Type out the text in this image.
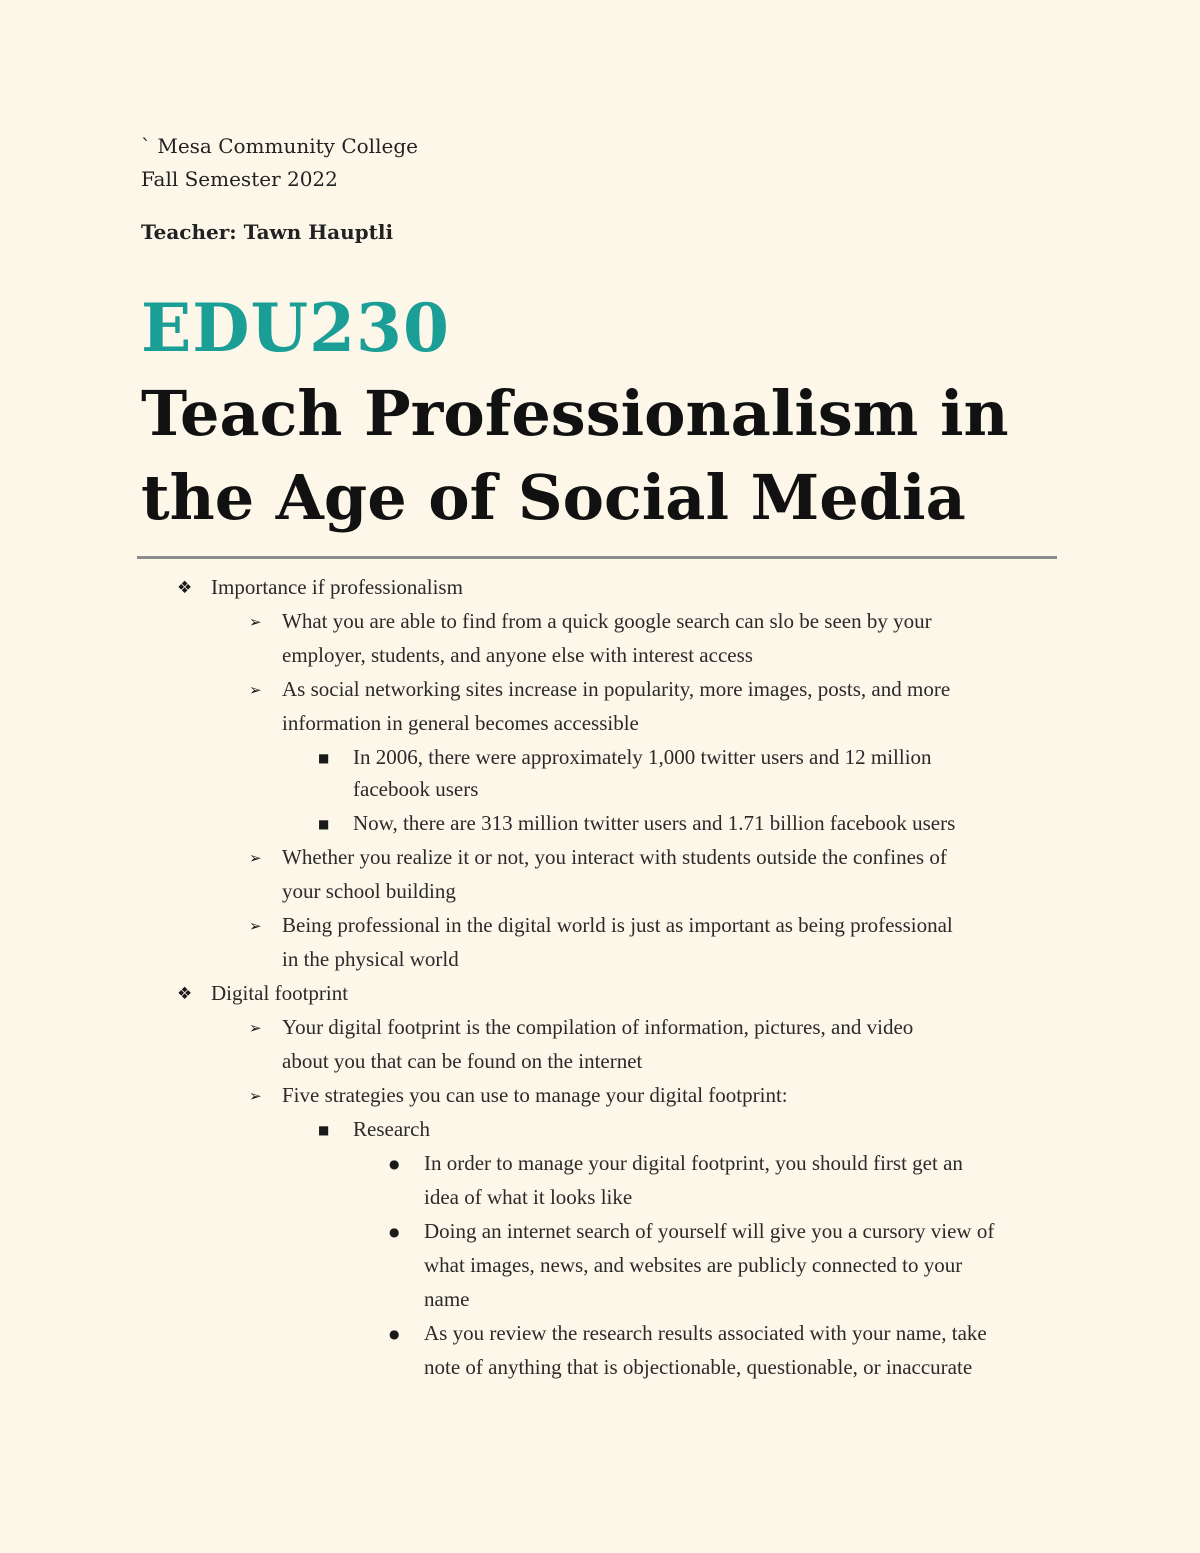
` Mesa Community College
Fall Semester 2022
Teacher: Tawn Hauptli
EDU230
Teach Professionalism in the Age of Social Media
❖ Importance if professionalism
➢ What you are able to find from a quick google search can slo be seen by your
employer, students, and anyone else with interest access
➢ As social networking sites increase in popularity, more images, posts, and more
information in general becomes accessible
■ In 2006, there were approximately 1,000 twitter users and 12 million
facebook users
■ Now, there are 313 million twitter users and 1.71 billion facebook users
➢ Whether you realize it or not, you interact with students outside the confines of
your school building
➢ Being professional in the digital world is just as important as being professional
in the physical world
❖ Digital footprint
➢ Your digital footprint is the compilation of information, pictures, and video
about you that can be found on the internet
➢ Five strategies you can use to manage your digital footprint:
■ Research
● In order to manage your digital footprint, you should first get an
idea of what it looks like
● Doing an internet search of yourself will give you a cursory view of
what images, news, and websites are publicly connected to your
name
● As you review the research results associated with your name, take
note of anything that is objectionable, questionable, or inaccurate
